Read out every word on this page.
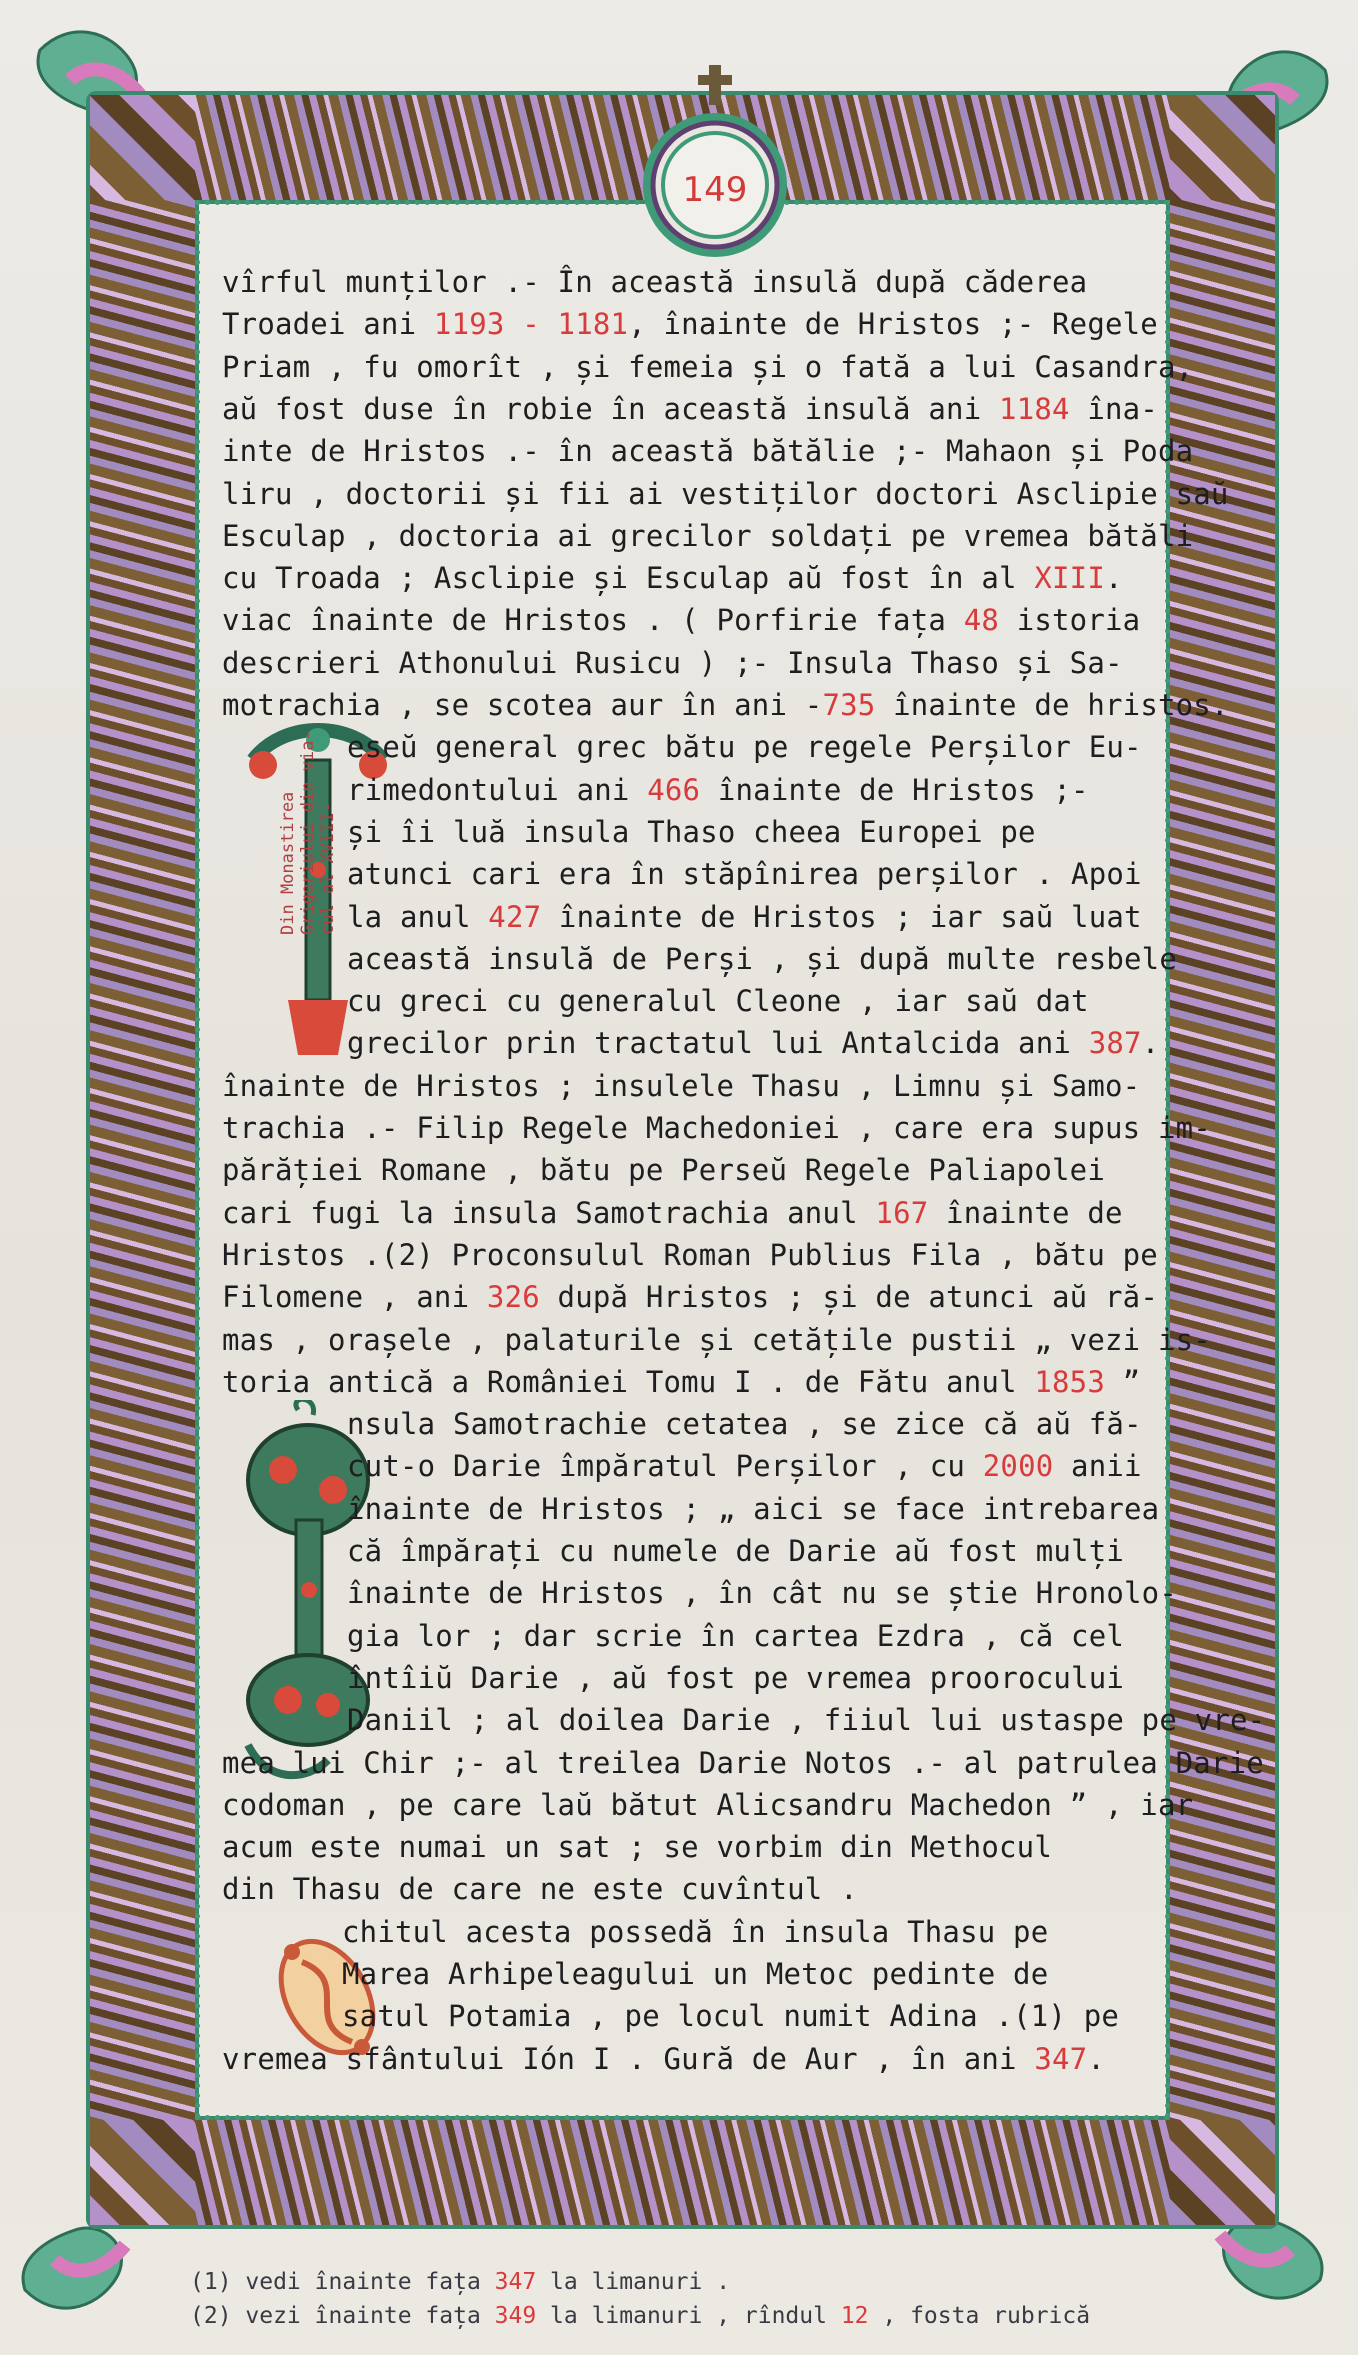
149
Din Monastirea Grigoriului din via- cul al XVIII-
vîrful munților .- În această insulă după căderea
Troadei ani 1193 - 1181, înainte de Hristos ;- Regele
Priam , fu omorît , și femeia și o fată a lui Casandra,
aŭ fost duse în robie în această insulă ani 1184 îna-
inte de Hristos .- în această bătălie ;- Mahaon și Poda
liru , doctorii și fii ai vestiților doctori Asclipie saŭ
Esculap , doctoria ai grecilor soldați pe vremea bătăli
cu Troada ; Asclipie și Esculap aŭ fost în al XIII.
viac înainte de Hristos . ( Porfirie fața 48 istoria
descrieri Athonului Rusicu ) ;- Insula Thaso și Sa-
motrachia , se scotea aur în ani -735 înainte de hristos.
eseŭ general grec bătu pe regele Perșilor Eu-
rimedontului ani 466 înainte de Hristos ;-
și îi luă insula Thaso cheea Europei pe
atunci cari era în stăpînirea perșilor . Apoi
la anul 427 înainte de Hristos ; iar saŭ luat
această insulă de Perși , și după multe resbele
cu greci cu generalul Cleone , iar saŭ dat
grecilor prin tractatul lui Antalcida ani 387.
înainte de Hristos ; insulele Thasu , Limnu și Samo-
trachia .- Filip Regele Machedoniei , care era supus im-
părăției Romane , bătu pe Perseŭ Regele Paliapolei
cari fugi la insula Samotrachia anul 167 înainte de
Hristos .(2) Proconsulul Roman Publius Fila , bătu pe
Filomene , ani 326 după Hristos ; și de atunci aŭ ră-
mas , orașele , palaturile și cetățile pustii „ vezi is-
toria antică a României Tomu I . de Fătu anul 1853 ”
nsula Samotrachie cetatea , se zice că aŭ fă-
cut-o Darie împăratul Perșilor , cu 2000 anii
înainte de Hristos ; „ aici se face intrebarea
că împărați cu numele de Darie aŭ fost mulți
înainte de Hristos , în cât nu se știe Hronolo-
gia lor ; dar scrie în cartea Ezdra , că cel
întîiŭ Darie , aŭ fost pe vremea proorocului
Daniil ; al doilea Darie , fiiul lui ustaspe pe vre-
mea lui Chir ;- al treilea Darie Notos .- al patrulea Darie
codoman , pe care laŭ bătut Alicsandru Machedon ” , iar
acum este numai un sat ; se vorbim din Methocul
din Thasu de care ne este cuvîntul .
chitul acesta possedă în insula Thasu pe
Marea Arhipeleagului un Metoc pedinte de
satul Potamia , pe locul numit Adina .(1) pe
vremea sfântului Ión I . Gură de Aur , în ani 347.
(1) vedi înainte fața 347 la limanuri .
(2) vezi înainte fața 349 la limanuri , rîndul 12 , fosta rubrică
